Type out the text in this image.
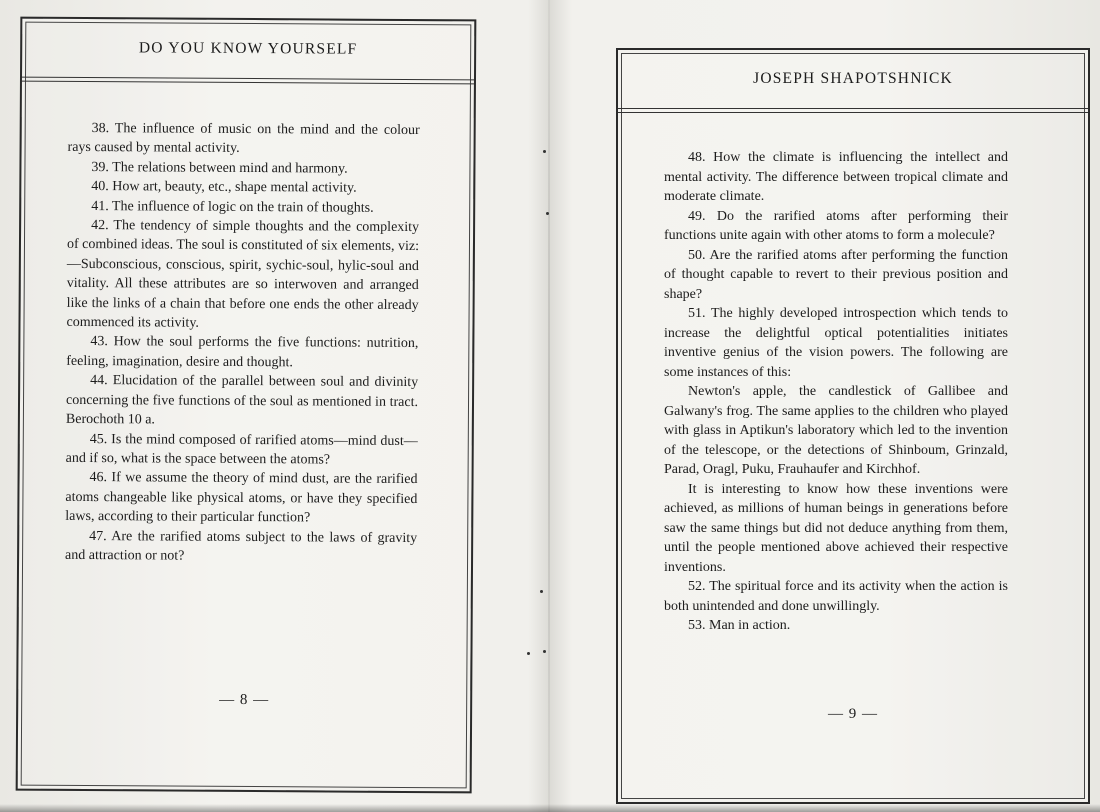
DO YOU KNOW YOURSELF

38. The influence of music on the mind and the colour rays caused by mental activity.

39. The relations between mind and harmony.

40. How art, beauty, etc., shape mental activity.

41. The influence of logic on the train of thoughts.

42. The tendency of simple thoughts and the complexity of combined ideas. The soul is constituted of six elements, viz:—Subconscious, conscious, spirit, sychic-soul, hylic-soul and vitality. All these attributes are so interwoven and arranged like the links of a chain that before one ends the other already commenced its activity.

43. How the soul performs the five functions: nutrition, feeling, imagination, desire and thought.

44. Elucidation of the parallel between soul and divinity concerning the five functions of the soul as mentioned in tract. Berochoth 10 a.

45. Is the mind composed of rarified atoms—mind dust—and if so, what is the space between the atoms?

46. If we assume the theory of mind dust, are the rarified atoms changeable like physical atoms, or have they specified laws, according to their particular function?

47. Are the rarified atoms subject to the laws of gravity and attraction or not?

— 8 —
JOSEPH SHAPOTSHNICK

48. How the climate is influencing the intellect and mental activity. The difference between tropical climate and moderate climate.

49. Do the rarified atoms after performing their functions unite again with other atoms to form a molecule?

50. Are the rarified atoms after performing the function of thought capable to revert to their previous position and shape?

51. The highly developed introspection which tends to increase the delightful optical potentialities initiates inventive genius of the vision powers. The following are some instances of this:

Newton's apple, the candlestick of Gallibee and Galwany's frog. The same applies to the children who played with glass in Aptikun's laboratory which led to the invention of the telescope, or the detections of Shinboum, Grinzald, Parad, Oragl, Puku, Frauhaufer and Kirchhof.

It is interesting to know how these inventions were achieved, as millions of human beings in generations before saw the same things but did not deduce anything from them, until the people mentioned above achieved their respective inventions.

52. The spiritual force and its activity when the action is both unintended and done unwillingly.

53. Man in action.

— 9 —
